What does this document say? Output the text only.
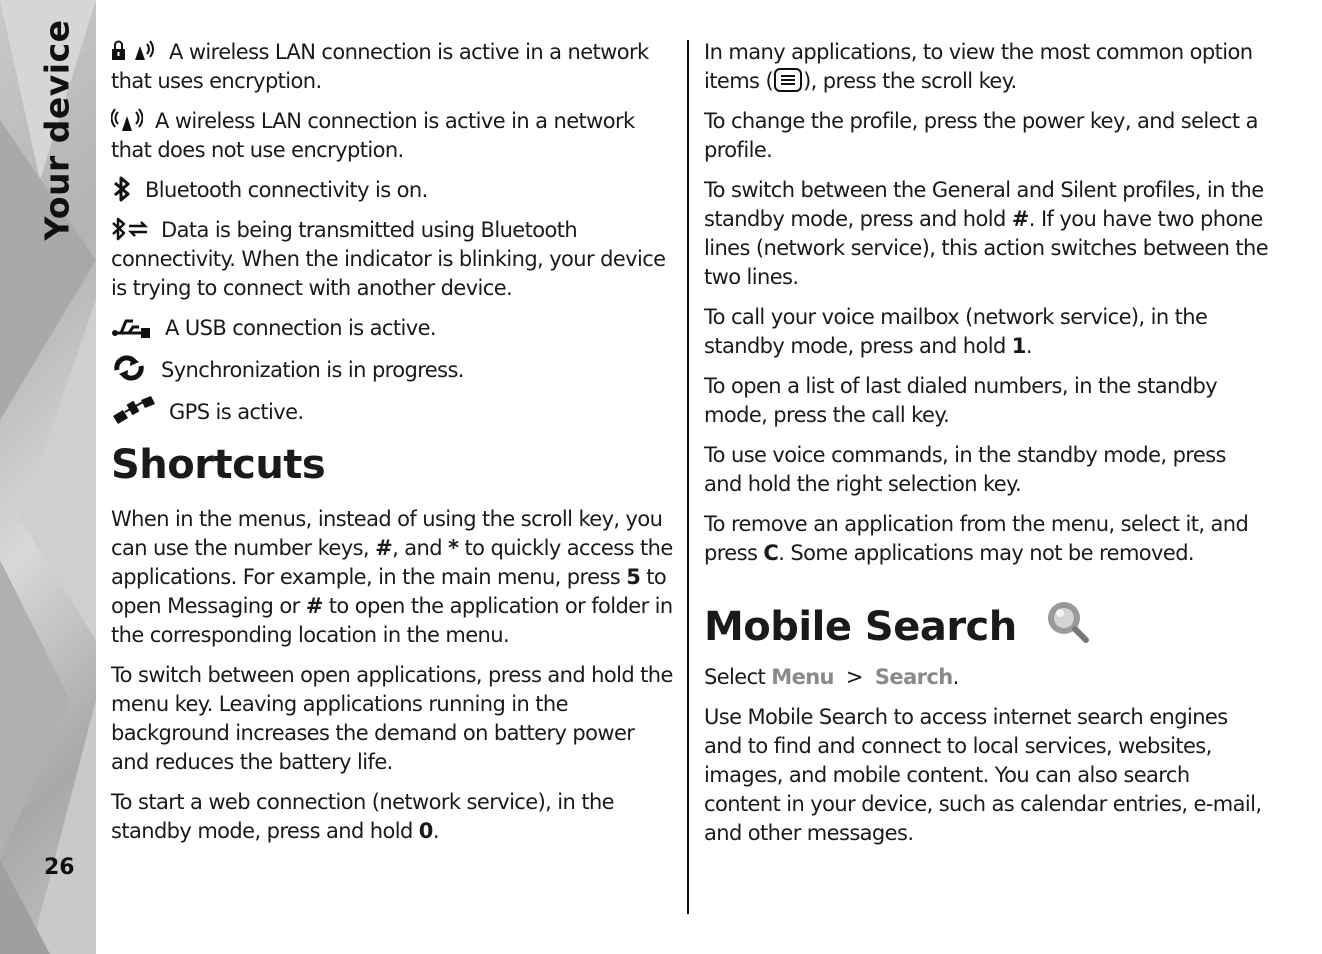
Your device
26

A wireless LAN connection is active in a network that uses encryption.

A wireless LAN connection is active in a network that does not use encryption.

Bluetooth connectivity is on.

Data is being transmitted using Bluetooth connectivity. When the indicator is blinking, your device is trying to connect with another device.

A USB connection is active.

Synchronization is in progress.

GPS is active.

Shortcuts

When in the menus, instead of using the scroll key, you can use the number keys, #, and * to quickly access the applications. For example, in the main menu, press 5 to open Messaging or # to open the application or folder in the corresponding location in the menu.

To switch between open applications, press and hold the menu key. Leaving applications running in the background increases the demand on battery power and reduces the battery life.

To start a web connection (network service), in the standby mode, press and hold 0.

In many applications, to view the most common option items ( ), press the scroll key.

To change the profile, press the power key, and select a profile.

To switch between the General and Silent profiles, in the standby mode, press and hold #. If you have two phone lines (network service), this action switches between the two lines.

To call your voice mailbox (network service), in the standby mode, press and hold 1.

To open a list of last dialed numbers, in the standby mode, press the call key.

To use voice commands, in the standby mode, press and hold the right selection key.

To remove an application from the menu, select it, and press C. Some applications may not be removed.

Mobile Search

Select Menu > Search.

Use Mobile Search to access internet search engines and to find and connect to local services, websites, images, and mobile content. You can also search content in your device, such as calendar entries, e-mail, and other messages.
